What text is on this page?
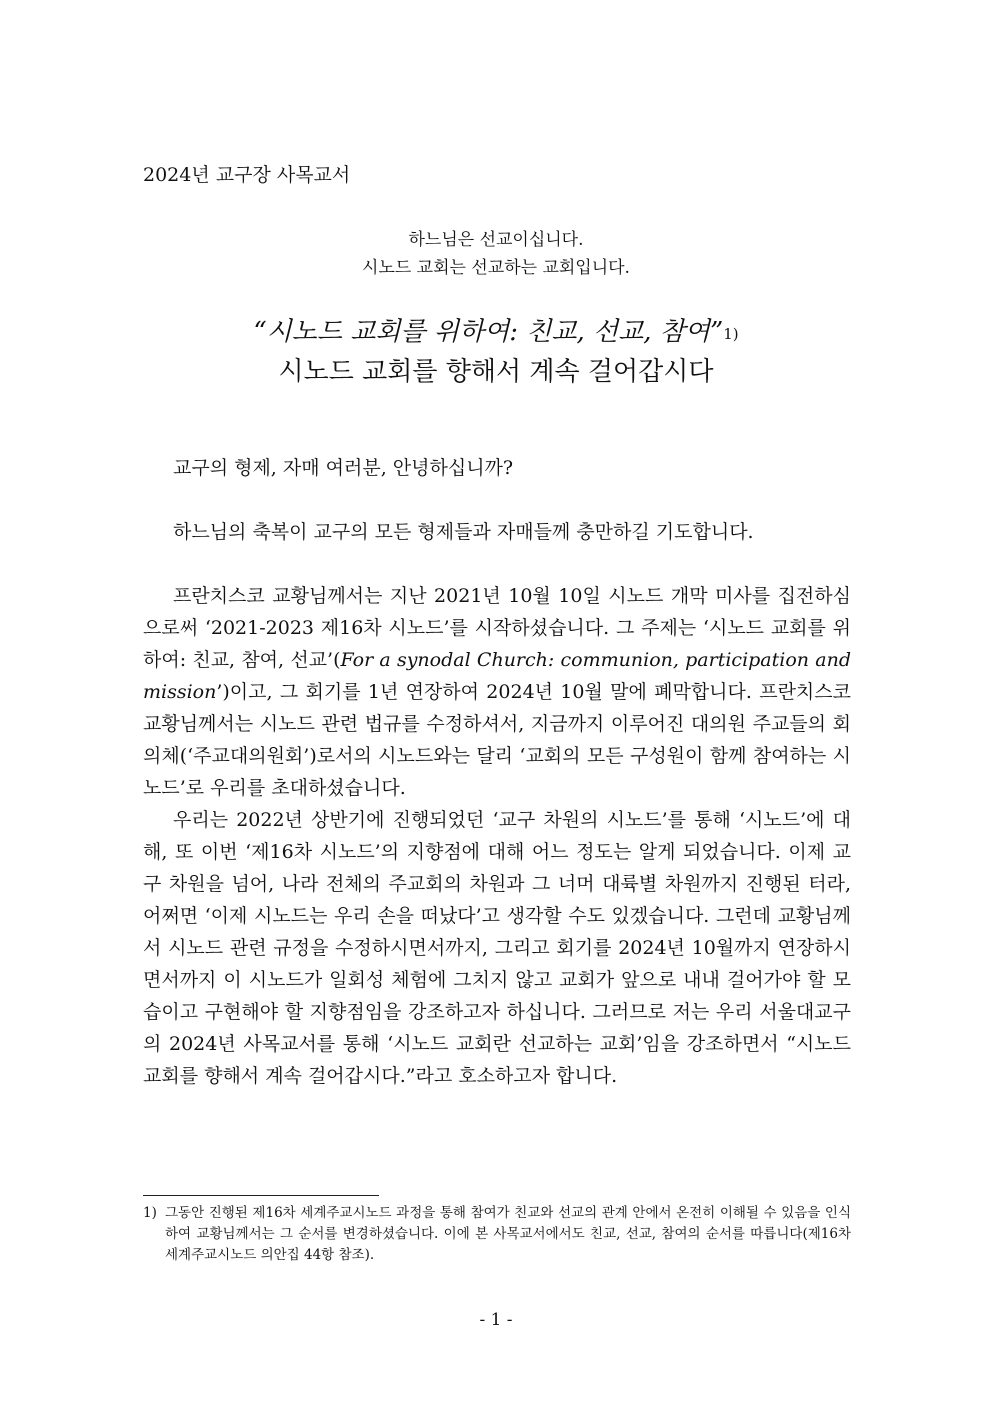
2024년 교구장 사목교서
하느님은 선교이십니다.
시노드 교회는 선교하는 교회입니다.
“시노드 교회를 위하여: 친교, 선교, 참여”$^{1)}$
시노드 교회를 향해서 계속 걸어갑시다

교구의 형제, 자매 여러분, 안녕하십니까?

하느님의 축복이 교구의 모든 형제들과 자매들께 충만하길 기도합니다.

프란치스코 교황님께서는 지난 2021년 10월 10일 시노드 개막 미사를 집전하심으로써 ‘2021-2023 제16차 시노드’를 시작하셨습니다. 그 주제는 ‘시노드 교회를 위하여: 친교, 참여, 선교’(For a synodal Church: communion, participation and mission’)이고, 그 회기를 1년 연장하여 2024년 10월 말에 폐막합니다. 프란치스코 교황님께서는 시노드 관련 법규를 수정하셔서, 지금까지 이루어진 대의원 주교들의 회의체(‘주교대의원회’)로서의 시노드와는 달리 ‘교회의 모든 구성원이 함께 참여하는 시노드’로 우리를 초대하셨습니다.

우리는 2022년 상반기에 진행되었던 ‘교구 차원의 시노드’를 통해 ‘시노드’에 대해, 또 이번 ‘제16차 시노드’의 지향점에 대해 어느 정도는 알게 되었습니다. 이제 교구 차원을 넘어, 나라 전체의 주교회의 차원과 그 너머 대륙별 차원까지 진행된 터라, 어쩌면 ‘이제 시노드는 우리 손을 떠났다’고 생각할 수도 있겠습니다. 그런데 교황님께서 시노드 관련 규정을 수정하시면서까지, 그리고 회기를 2024년 10월까지 연장하시면서까지 이 시노드가 일회성 체험에 그치지 않고 교회가 앞으로 내내 걸어가야 할 모습이고 구현해야 할 지향점임을 강조하고자 하십니다. 그러므로 저는 우리 서울대교구의 2024년 사목교서를 통해 ‘시노드 교회란 선교하는 교회’임을 강조하면서 “시노드 교회를 향해서 계속 걸어갑시다.”라고 호소하고자 합니다.

1) 그동안 진행된 제16차 세계주교시노드 과정을 통해 참여가 친교와 선교의 관계 안에서 온전히 이해될 수 있음을 인식하여 교황님께서는 그 순서를 변경하셨습니다. 이에 본 사목교서에서도 친교, 선교, 참여의 순서를 따릅니다(제16차 세계주교시노드 의안집 44항 참조).
- 1 -
